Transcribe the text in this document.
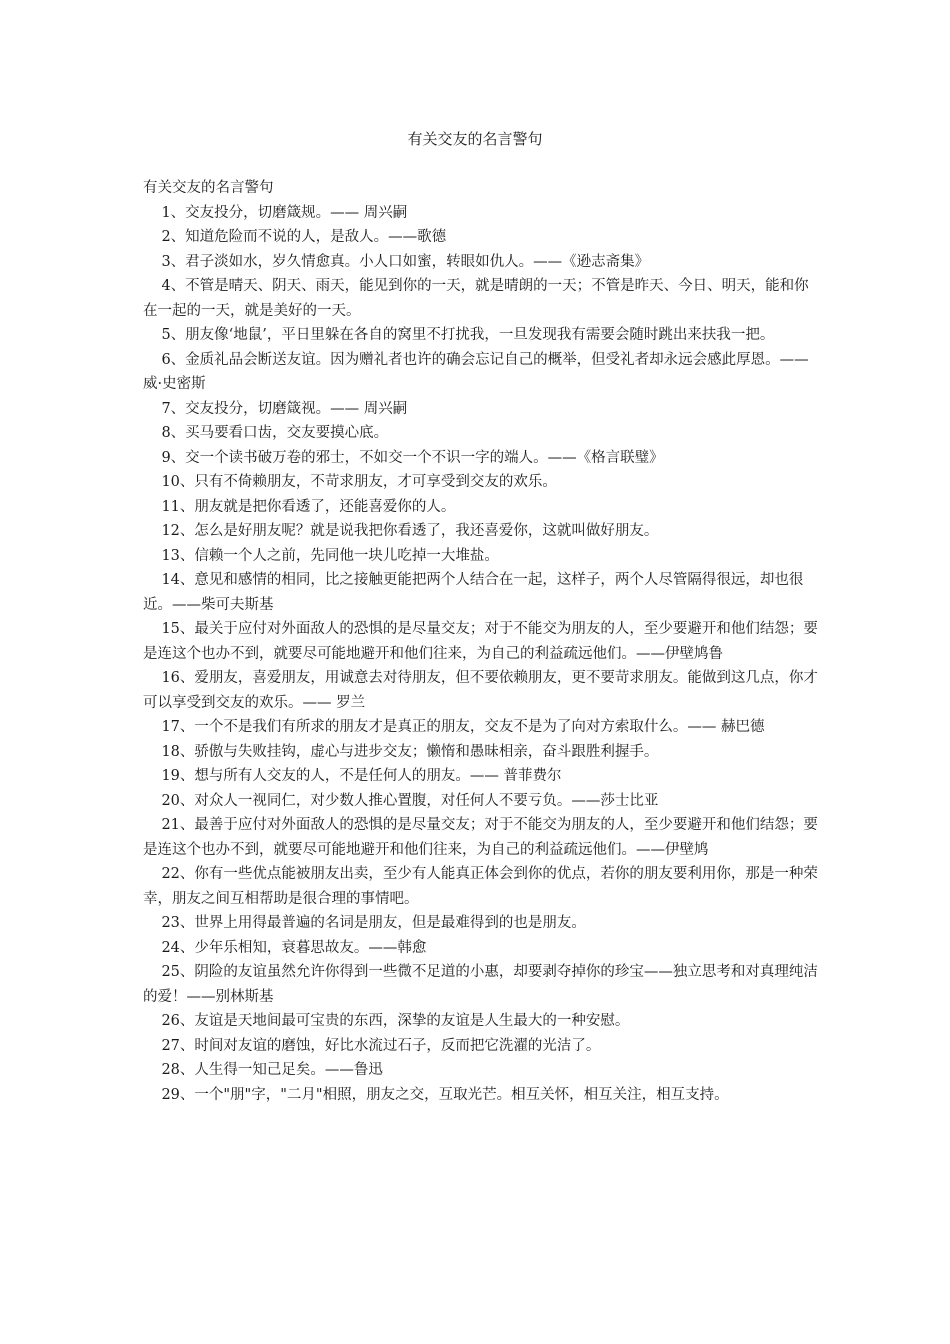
有关交友的名言警句

有关交友的名言警句

1、交友投分，切磨箴规。—— 周兴嗣
2、知道危险而不说的人，是敌人。——歌德
3、君子淡如水，岁久情愈真。小人口如蜜，转眼如仇人。——《逊志斋集》
4、不管是晴天、阴天、雨天，能见到你的一天，就是晴朗的一天；不管是昨天、今日、明天，能和你在一起的一天，就是美好的一天。
5、朋友像‘地鼠’，平日里躲在各自的窝里不打扰我，一旦发现我有需要会随时跳出来扶我一把。
6、金质礼品会断送友谊。因为赠礼者也许的确会忘记自己的概举，但受礼者却永远会感此厚恩。——威·史密斯
7、交友投分，切磨箴视。—— 周兴嗣
8、买马要看口齿，交友要摸心底。
9、交一个读书破万卷的邪士，不如交一个不识一字的端人。——《格言联璧》
10、只有不倚赖朋友，不苛求朋友，才可享受到交友的欢乐。
11、朋友就是把你看透了，还能喜爱你的人。
12、怎么是好朋友呢？就是说我把你看透了，我还喜爱你，这就叫做好朋友。
13、信赖一个人之前，先同他一块儿吃掉一大堆盐。
14、意见和感情的相同，比之接触更能把两个人结合在一起，这样子，两个人尽管隔得很远，却也很近。——柴可夫斯基
15、最关于应付对外面敌人的恐惧的是尽量交友；对于不能交为朋友的人，至少要避开和他们结怨；要是连这个也办不到，就要尽可能地避开和他们往来，为自己的利益疏远他们。——伊壁鸠鲁
16、爱朋友，喜爱朋友，用诚意去对待朋友，但不要依赖朋友，更不要苛求朋友。能做到这几点，你才可以享受到交友的欢乐。—— 罗兰
17、一个不是我们有所求的朋友才是真正的朋友，交友不是为了向对方索取什么。—— 赫巴德
18、骄傲与失败挂钩，虚心与进步交友；懒惰和愚昧相亲，奋斗跟胜利握手。
19、想与所有人交友的人，不是任何人的朋友。—— 普菲费尔
20、对众人一视同仁，对少数人推心置腹，对任何人不要亏负。——莎士比亚
21、最善于应付对外面敌人的恐惧的是尽量交友；对于不能交为朋友的人，至少要避开和他们结怨；要是连这个也办不到，就要尽可能地避开和他们往来，为自己的利益疏远他们。——伊壁鸠
22、你有一些优点能被朋友出卖，至少有人能真正体会到你的优点，若你的朋友要利用你，那是一种荣幸，朋友之间互相帮助是很合理的事情吧。
23、世界上用得最普遍的名词是朋友，但是最难得到的也是朋友。
24、少年乐相知，衰暮思故友。——韩愈
25、阴险的友谊虽然允许你得到一些微不足道的小惠，却要剥夺掉你的珍宝——独立思考和对真理纯洁的爱！——别林斯基
26、友谊是天地间最可宝贵的东西，深挚的友谊是人生最大的一种安慰。
27、时间对友谊的磨蚀，好比水流过石子，反而把它洗濯的光洁了。
28、人生得一知己足矣。——鲁迅
29、一个"朋"字，"二月"相照，朋友之交，互取光芒。相互关怀，相互关注，相互支持。
